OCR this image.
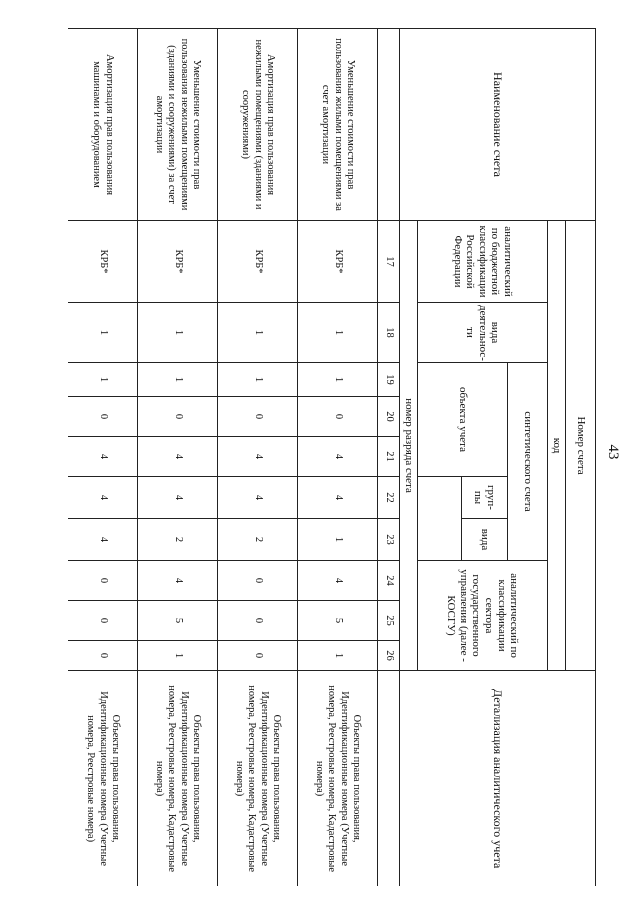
43
Наименование счета	Номер счета										Детализация аналитического учета
	код										
	аналитический по бюджетной классификации Российской Федерации	вида деятельнос-ти	синтетического счета					аналитический по классификации сектора государственного управления (далее - КОСГУ)			
			объекта учета			груп-пы	вида				

	номер разряда счета										
	17	18	19	20	21	22	23	24	25	26	
Уменьшение стоимости прав пользования жилыми помещениями за счет амортизации	КРБ*	1	1	0	4	4	1	4	5	1	Объекты права пользования, Идентификационные номера (Учетные номера, Реестровые номера, Кадастровые номера)
Амортизация прав пользования нежилыми помещениями (зданиями и сооружениями)	КРБ*	1	1	0	4	4	2	0	0	0	Объекты права пользования, Идентификационные номера (Учетные номера, Реестровые номера, Кадастровые номера)
Уменьшение стоимости прав пользования нежилыми помещениями (зданиями и сооружениями) за счет амортизации	КРБ*	1	1	0	4	4	2	4	5	1	Объекты права пользования, Идентификационные номера (Учетные номера, Реестровые номера, Кадастровые номера)
Амортизация прав пользования машинами и оборудованием	КРБ*	1	1	0	4	4	4	0	0	0	Объекты права пользования, Идентификационные номера (Учетные номера, Реестровые номера)
